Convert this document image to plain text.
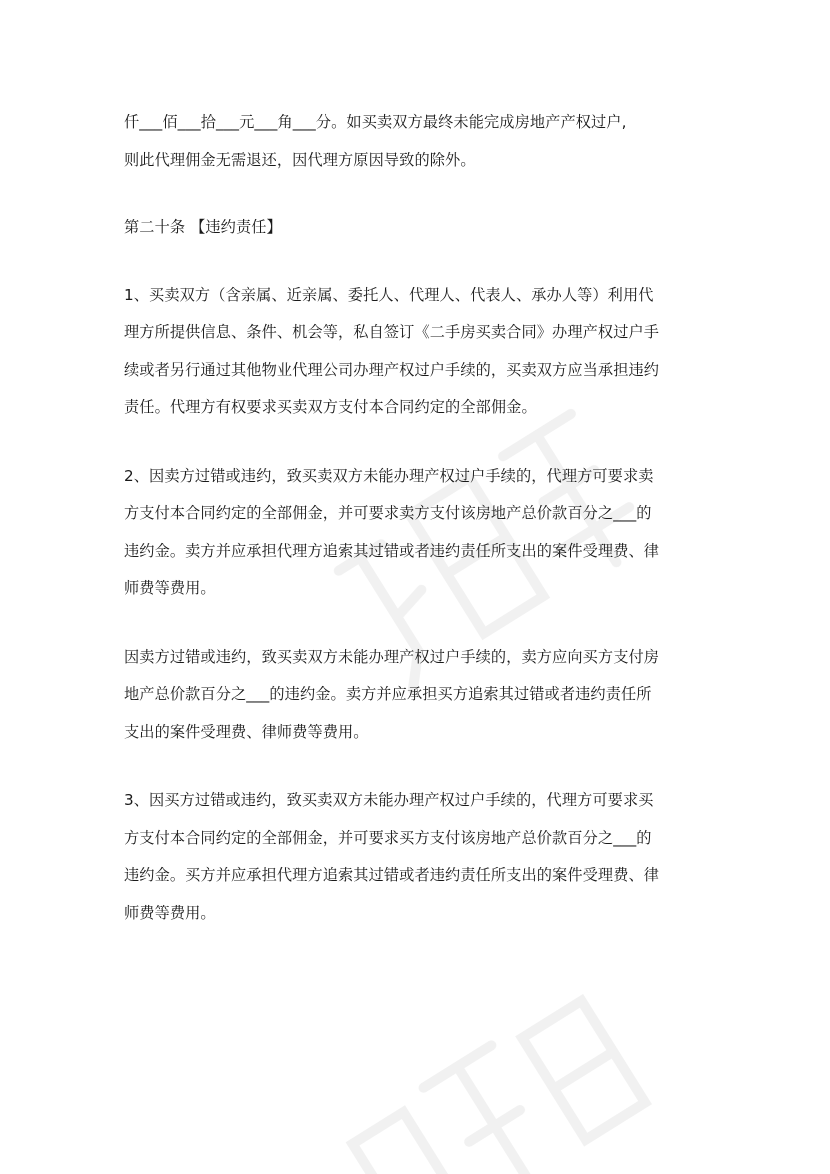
仟___佰___拾___元___角___分。如买卖双方最终未能完成房地产产权过户,
则此代理佣金无需退还，因代理方原因导致的除外。
第二十条 【违约责任】
1、买卖双方（含亲属、近亲属、委托人、代理人、代表人、承办人等）利用代
理方所提供信息、条件、机会等，私自签订《二手房买卖合同》办理产权过户手
续或者另行通过其他物业代理公司办理产权过户手续的，买卖双方应当承担违约
责任。代理方有权要求买卖双方支付本合同约定的全部佣金。
2、因卖方过错或违约，致买卖双方未能办理产权过户手续的，代理方可要求卖
方支付本合同约定的全部佣金，并可要求卖方支付该房地产总价款百分之___的
违约金。卖方并应承担代理方追索其过错或者违约责任所支出的案件受理费、律
师费等费用。
因卖方过错或违约，致买卖双方未能办理产权过户手续的，卖方应向买方支付房
地产总价款百分之___的违约金。卖方并应承担买方追索其过错或者违约责任所
支出的案件受理费、律师费等费用。
3、因买方过错或违约，致买卖双方未能办理产权过户手续的，代理方可要求买
方支付本合同约定的全部佣金，并可要求买方支付该房地产总价款百分之___的
违约金。买方并应承担代理方追索其过错或者违约责任所支出的案件受理费、律
师费等费用。
